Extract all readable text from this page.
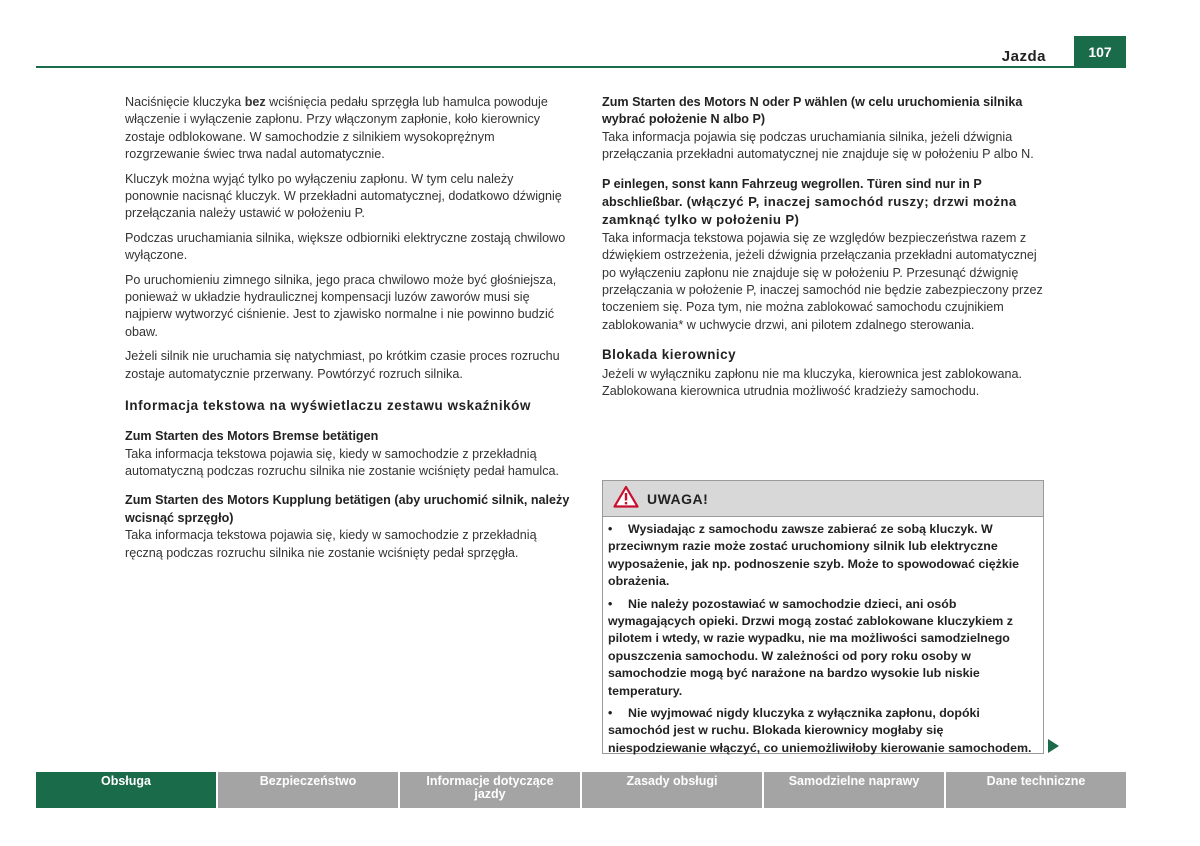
Jazda	107

Naciśnięcie kluczyka bez wciśnięcia pedału sprzęgła lub hamulca powoduje włączenie i wyłączenie zapłonu. Przy włączonym zapłonie, koło kierownicy zostaje odblokowane. W samochodzie z silnikiem wysokoprężnym rozgrzewanie świec trwa nadal automatycznie.

Kluczyk można wyjąć tylko po wyłączeniu zapłonu. W tym celu należy ponownie nacisnąć kluczyk. W przekładni automatycznej, dodatkowo dźwignię przełączania należy ustawić w położeniu P.

Podczas uruchamiania silnika, większe odbiorniki elektryczne zostają chwilowo wyłączone.

Po uruchomieniu zimnego silnika, jego praca chwilowo może być głośniejsza, ponieważ w układzie hydraulicznej kompensacji luzów zaworów musi się najpierw wytworzyć ciśnienie. Jest to zjawisko normalne i nie powinno budzić obaw.

Jeżeli silnik nie uruchamia się natychmiast, po krótkim czasie proces rozruchu zostaje automatycznie przerwany. Powtórzyć rozruch silnika.

Informacja tekstowa na wyświetlaczu zestawu wskaźników

Zum Starten des Motors Bremse betätigen

Taka informacja tekstowa pojawia się, kiedy w samochodzie z przekładnią automatyczną podczas rozruchu silnika nie zostanie wciśnięty pedał hamulca.

Zum Starten des Motors Kupplung betätigen (aby uruchomić silnik, należy wcisnąć sprzęgło)

Taka informacja tekstowa pojawia się, kiedy w samochodzie z przekładnią ręczną podczas rozruchu silnika nie zostanie wciśnięty pedał sprzęgła.

Zum Starten des Motors N oder P wählen (w celu uruchomienia silnika wybrać położenie N albo P)

Taka informacja pojawia się podczas uruchamiania silnika, jeżeli dźwignia przełączania przekładni automatycznej nie znajduje się w położeniu P albo N.

P einlegen, sonst kann Fahrzeug wegrollen. Türen sind nur in P abschließbar. (włączyć P, inaczej samochód ruszy; drzwi można zamknąć tylko w położeniu P)

Taka informacja tekstowa pojawia się ze względów bezpieczeństwa razem z dźwiękiem ostrzeżenia, jeżeli dźwignia przełączania przekładni automatycznej po wyłączeniu zapłonu nie znajduje się w położeniu P. Przesunąć dźwignię przełączania w położenie P, inaczej samochód nie będzie zabezpieczony przez toczeniem się. Poza tym, nie można zablokować samochodu czujnikiem zablokowania* w uchwycie drzwi, ani pilotem zdalnego sterowania.

Blokada kierownicy

Jeżeli w wyłączniku zapłonu nie ma kluczyka, kierownica jest zablokowana. Zablokowana kierownica utrudnia możliwość kradzieży samochodu.

UWAGA!

• Wysiadając z samochodu zawsze zabierać ze sobą kluczyk. W przeciwnym razie może zostać uruchomiony silnik lub elektryczne wyposażenie, jak np. podnoszenie szyb. Może to spowodować ciężkie obrażenia.

• Nie należy pozostawiać w samochodzie dzieci, ani osób wymagających opieki. Drzwi mogą zostać zablokowane kluczykiem z pilotem i wtedy, w razie wypadku, nie ma możliwości samodzielnego opuszczenia samochodu. W zależności od pory roku osoby w samochodzie mogą być narażone na bardzo wysokie lub niskie temperatury.

• Nie wyjmować nigdy kluczyka z wyłącznika zapłonu, dopóki samochód jest w ruchu. Blokada kierownicy mogłaby się niespodziewanie włączyć, co uniemożliwiłoby kierowanie samochodem.

Obsługa	Bezpieczeństwo	Informacje dotyczące jazdy
Zasady obsługi	Samodzielne naprawy	Dane techniczne
